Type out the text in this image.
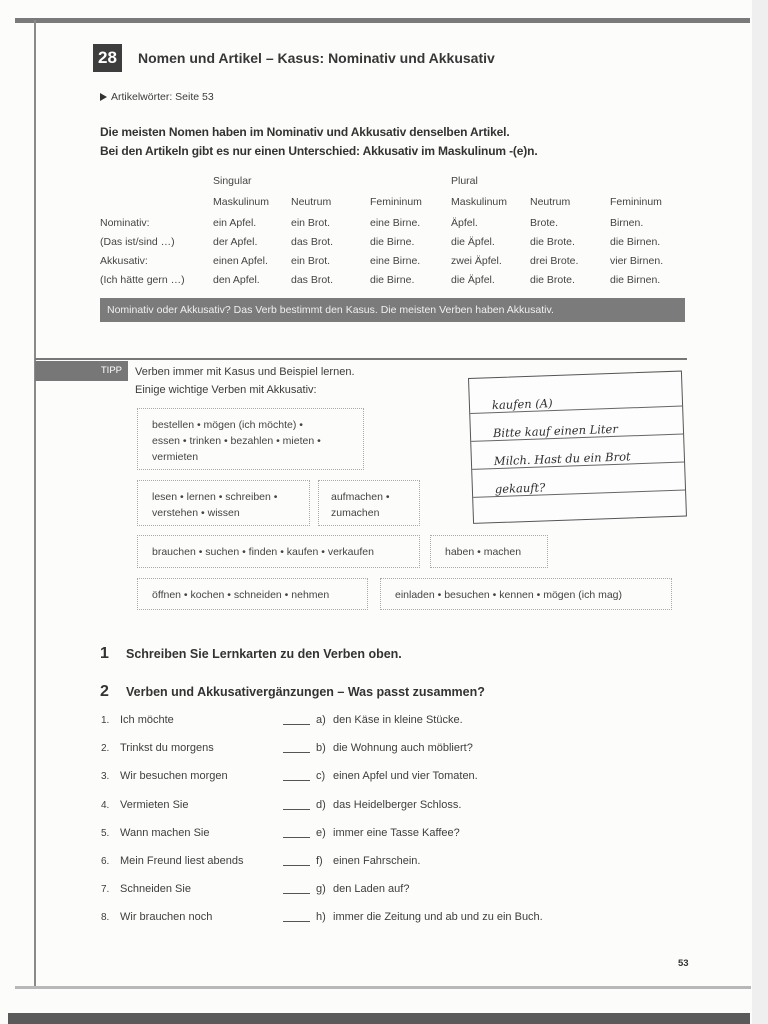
28	Nomen und Artikel – Kasus: Nominativ und Akkusativ
Artikelwörter: Seite 53
Die meisten Nomen haben im Nominativ und Akkusativ denselben Artikel.
Bei den Artikeln gibt es nur einen Unterschied: Akkusativ im Maskulinum -(e)n.
	Singular			Plural		
	Maskulinum	Neutrum	Femininum	Maskulinum	Neutrum	Femininum
Nominativ:	ein Apfel.	ein Brot.	eine Birne.	Äpfel.	Brote.	Birnen.
(Das ist/sind …)	der Apfel.	das Brot.	die Birne.	die Äpfel.	die Brote.	die Birnen.
Akkusativ:	einen Apfel.	ein Brot.	eine Birne.	zwei Äpfel.	drei Brote.	vier Birnen.
(Ich hätte gern …)	den Apfel.	das Brot.	die Birne.	die Äpfel.	die Brote.	die Birnen.
Nominativ oder Akkusativ? Das Verb bestimmt den Kasus. Die meisten Verben haben Akkusativ.
TIPP	Verben immer mit Kasus und Beispiel lernen.
Einige wichtige Verben mit Akkusativ:
bestellen • mögen (ich möchte) •
essen • trinken • bezahlen • mieten •
vermieten
lesen • lernen • schreiben •
verstehen • wissen
aufmachen •
zumachen
brauchen • suchen • finden • kaufen • verkaufen	haben • machen
öffnen • kochen • schneiden • nehmen	einladen • besuchen • kennen • mögen (ich mag)
kaufen (A)
Bitte kauf einen Liter
Milch. Hast du ein Brot
gekauft?
1 Schreiben Sie Lernkarten zu den Verben oben.
2 Verben und Akkusativergänzungen – Was passt zusammen?
1. Ich möchte	a) den Käse in kleine Stücke.
2. Trinkst du morgens	b) die Wohnung auch möbliert?
3. Wir besuchen morgen	c) einen Apfel und vier Tomaten.
4. Vermieten Sie	d) das Heidelberger Schloss.
5. Wann machen Sie	e) immer eine Tasse Kaffee?
6. Mein Freund liest abends	f) einen Fahrschein.
7. Schneiden Sie	g) den Laden auf?
8. Wir brauchen noch	h) immer die Zeitung und ab und zu ein Buch.
53
